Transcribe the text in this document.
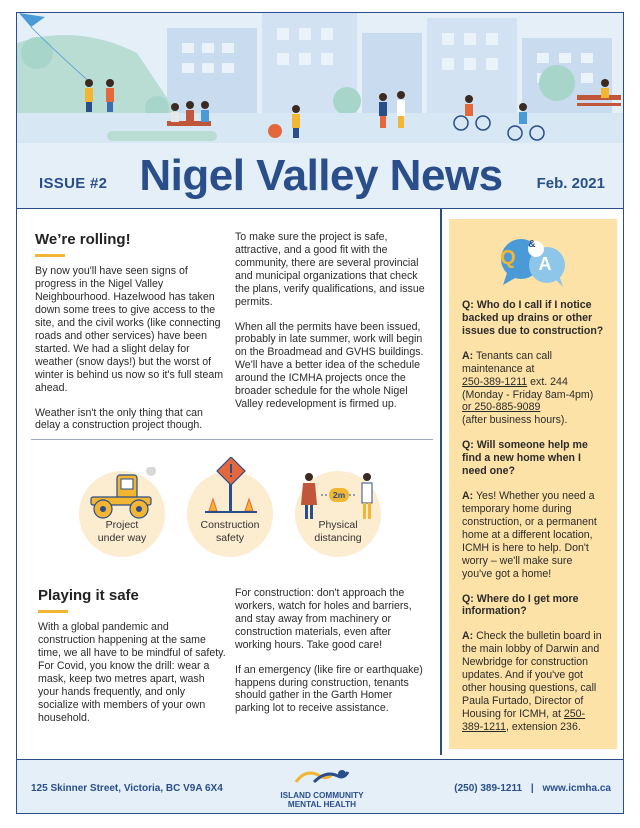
ISSUE #2 Nigel Valley News	Feb. 2021
We’re rolling!

By now you'll have seen signs of progress in the Nigel Valley Neighbourhood. Hazelwood has taken down some trees to give access to the site, and the civil works (like connecting roads and other services) have been started. We had a slight delay for weather (snow days!) but the worst of winter is behind us now so it's full steam ahead.

Weather isn't the only thing that can delay a construction project though.

To make sure the project is safe, attractive, and a good fit with the community, there are several provincial and municipal organizations that check the plans, verify qualifications, and issue permits.

When all the permits have been issued, probably in late summer, work will begin on the Broadmead and GVHS buildings. We'll have a better idea of the schedule around the ICMHA projects once the broader schedule for the whole Nigel Valley redevelopment is firmed up.

2m
Project
under way
Construction
safety
Physical
distancing
Playing it safe

With a global pandemic and construction happening at the same time, we all have to be mindful of safety. For Covid, you know the drill: wear a mask, keep two metres apart, wash your hands frequently, and only socialize with members of your own household.

For construction: don't approach the workers, watch for holes and barriers, and stay away from machinery or construction materials, even after working hours. Take good care!

If an emergency (like fire or earthquake) happens during construction, tenants should gather in the Garth Homer parking lot to receive assistance.

Q
&
A
Q: Who do I call if I notice backed up drains or other issues due to construction?
A: Tenants can call maintenance at
250-389-1211 ext. 244
(Monday - Friday 8am-4pm)
or 250-885-9089
(after business hours).
Q: Will someone help me find a new home when I need one?
A: Yes! Whether you need a temporary home during construction, or a permanent home at a different location, ICMH is here to help. Don't worry – we'll make sure you've got a home!
Q: Where do I get more information?
A: Check the bulletin board in the main lobby of Darwin and Newbridge for construction updates. And if you've got other housing questions, call Paula Furtado, Director of Housing for ICMH, at 250-389-1211, extension 236.
125 Skinner Street, Victoria, BC V9A 6X4
ISLAND COMMUNITY
MENTAL HEALTH
(250) 389-1211 | www.icmha.ca
